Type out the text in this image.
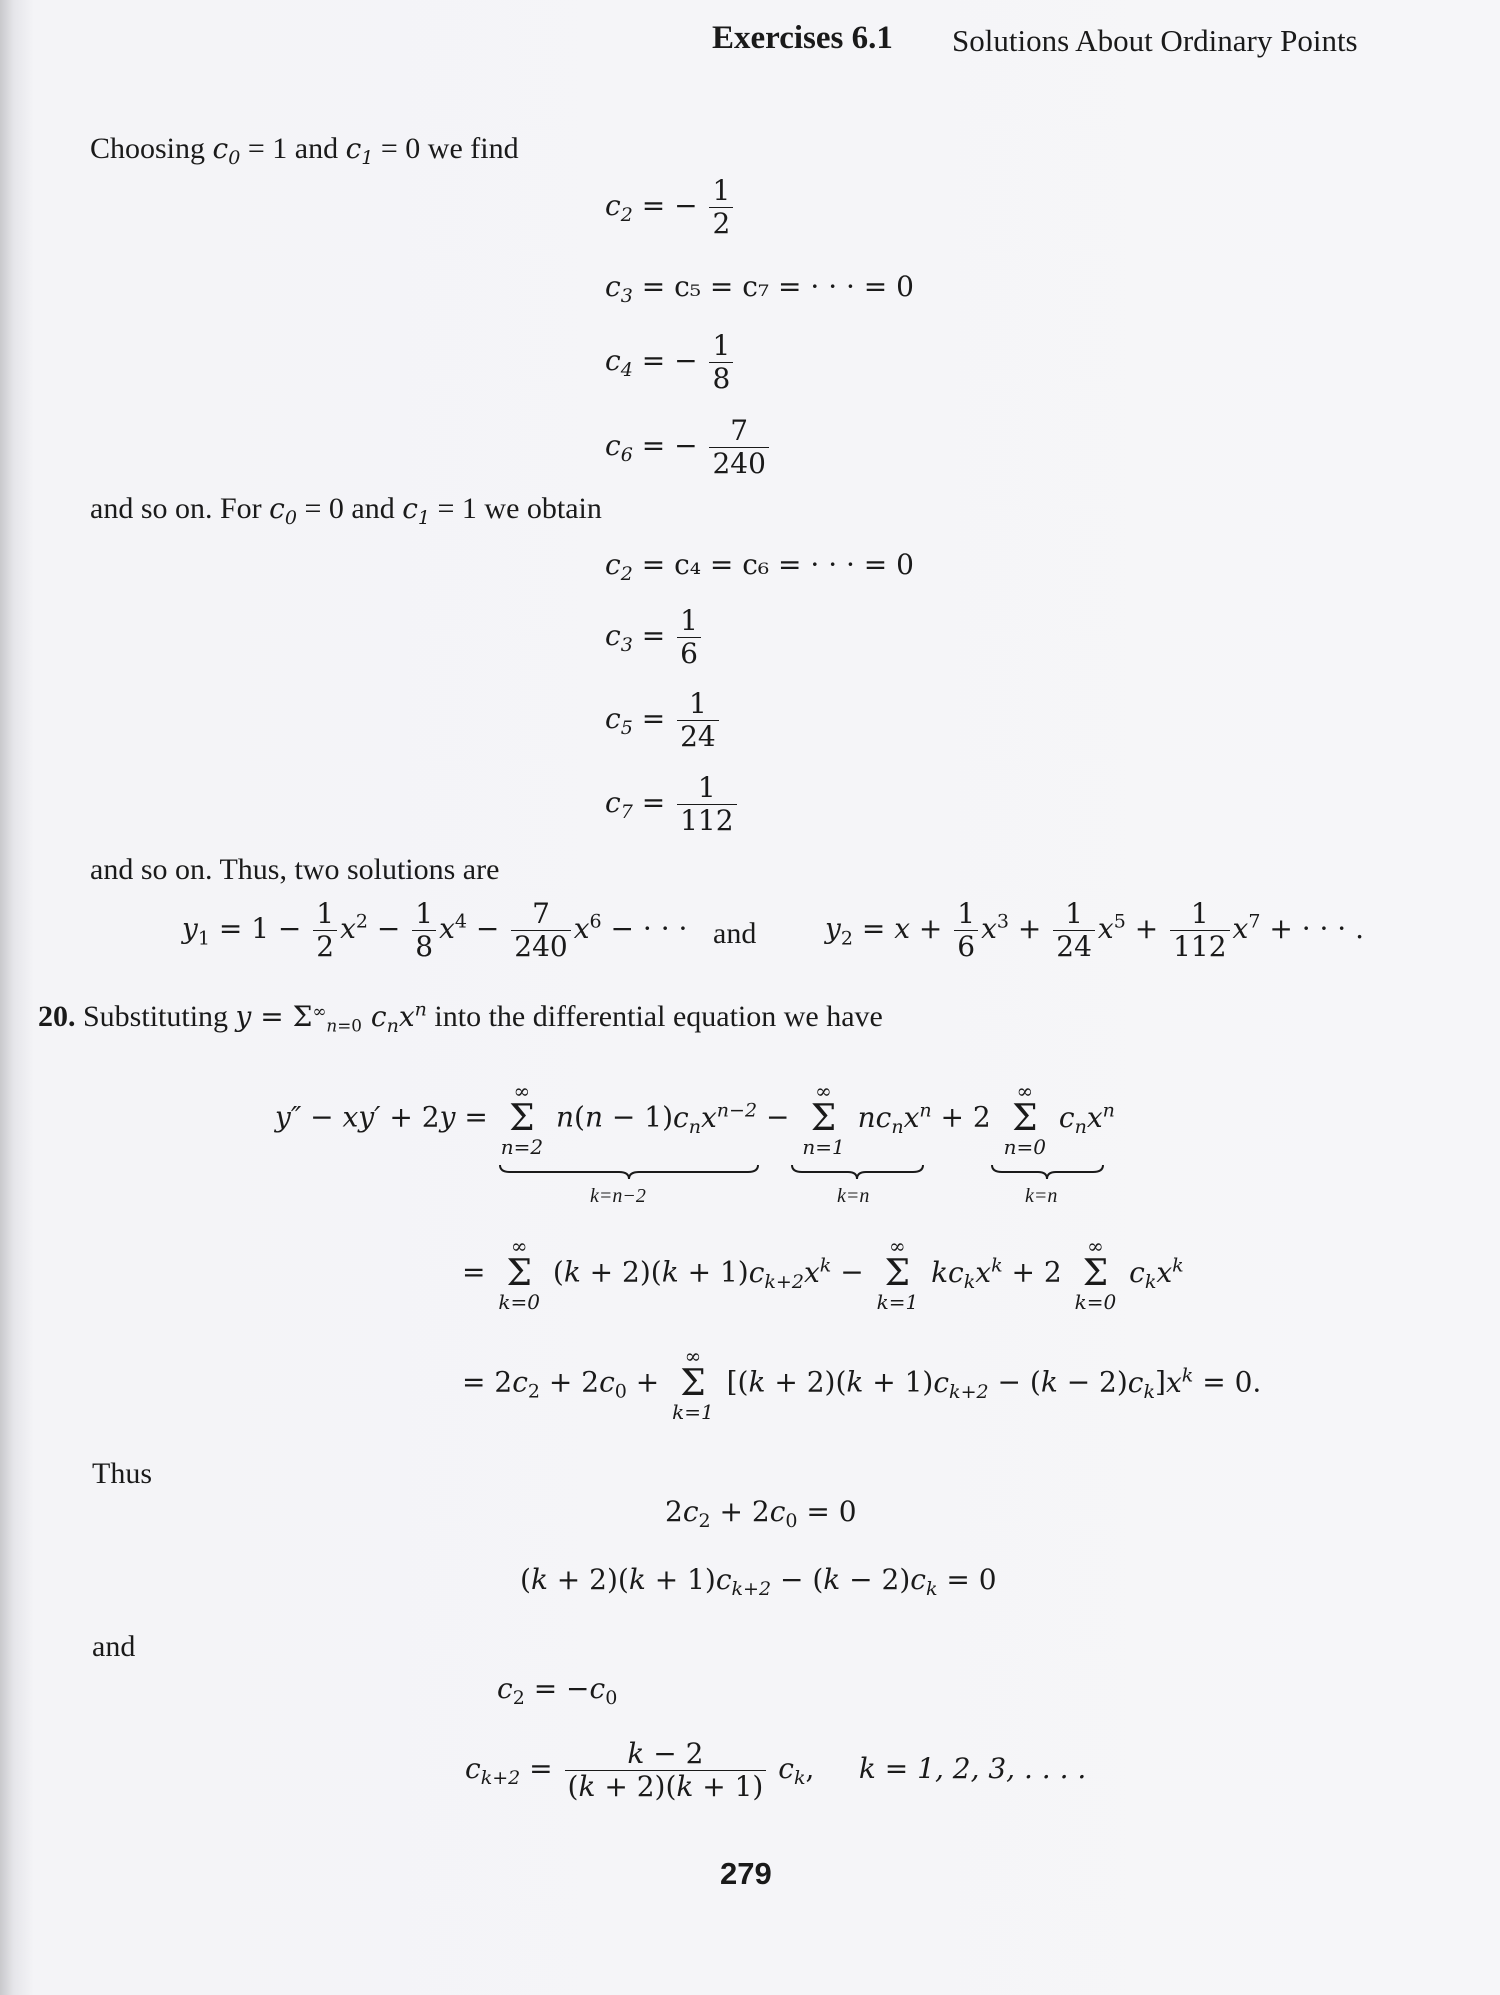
Exercises 6.1 Solutions About Ordinary Points
Choosing $c_0 = 1$ and $c_1 = 0$ we find
$c_2$ = − $\frac{1}{2}$
$c_3 = c_5 = c_7$ = · · · = 0
$c_4$ = − $\frac{1}{8}$
$c_6$ = − $\frac{7}{240}$
and so on. For $c_0 = 0$ and $c_1 = 1$ we obtain
$c_2 = c_4 = c_6$ = · · · = 0
$c_3 = \frac{1}{6}$
$c_5 = \frac{1}{24}$
$c_7 = \frac{1}{112}$
and so on. Thus, two solutions are
$y_1 = 1 - \frac{1}{2} x^2 - \frac{1}{8} x^4 - \frac{7}{240} x^6$ − · · · and $y_2 = x + \frac{1}{6} x^3 + \frac{1}{24} x^5 + \frac{1}{112} x^7$ + · · · .
20. Substituting $y = \Sigma^\infty_{n=0}$ $c_nx^n$ into the differential equation we have
y″ − xy′ + 2y =
∞
Σ
n=2
$n(n - 1)c_nx^{n-2}$ −
∞
Σ
n=1
$nc_nx^n + 2$
∞
Σ
n=0
$c_nx^n$
k=n−2	k=n	k=n
=
∞
Σ
k=0
$(k + 2)(k + 1)c_{k+2}x^k$ −
∞
Σ
k=1
$kc_kx^k + 2$
∞
Σ
k=0
$c_kx^k$
= $2c_2 + 2c_0$ +
∞
Σ
k=1
$[(k + 2)(k + 1)c_{k+2} - (k - 2)c_k]x^k = 0$.
Thus
$2c_2 + 2c_0 = 0$
$(k + 2)(k + 1)c_{k+2} - (k - 2)c_k = 0$
and
$c_2 = -c_0$
$c_{k+2} = \frac{k - 2}{(k + 2)(k + 1)} c_k$,     k = 1, 2, 3, . . . .
279
